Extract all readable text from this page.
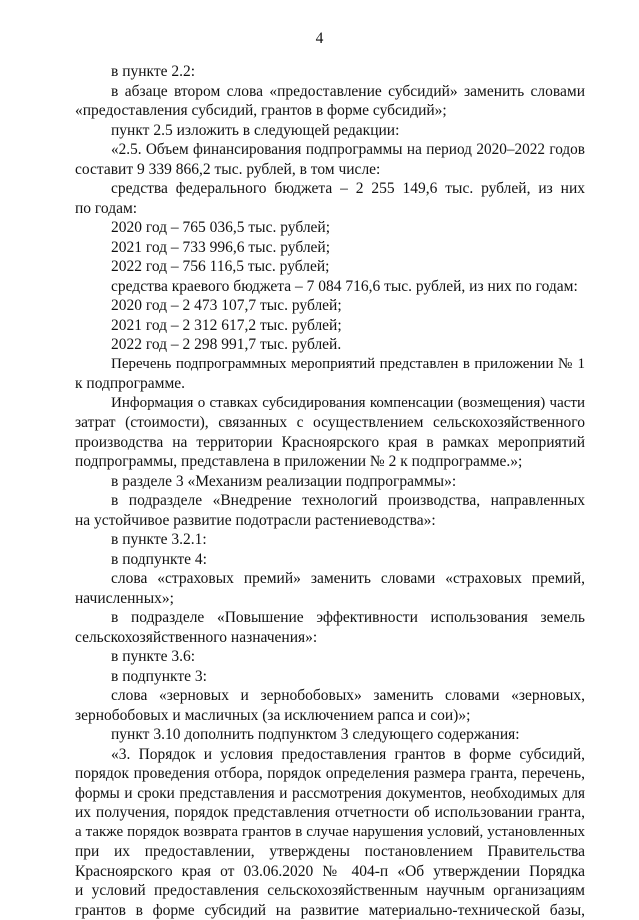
4
в пункте 2.2:
в абзаце втором слова «предоставление субсидий» заменить словами
«предоставления субсидий, грантов в форме субсидий»;
пункт 2.5 изложить в следующей редакции:
«2.5. Объем финансирования подпрограммы на период 2020–2022 годов
составит 9 339 866,2 тыс. рублей, в том числе:
средства федерального бюджета – 2 255 149,6 тыс. рублей, из них
по годам:
2020 год – 765 036,5 тыс. рублей;
2021 год – 733 996,6 тыс. рублей;
2022 год – 756 116,5 тыс. рублей;
средства краевого бюджета – 7 084 716,6 тыс. рублей, из них по годам:
2020 год – 2 473 107,7 тыс. рублей;
2021 год – 2 312 617,2 тыс. рублей;
2022 год – 2 298 991,7 тыс. рублей.
Перечень подпрограммных мероприятий представлен в приложении № 1
к подпрограмме.
Информация о ставках субсидирования компенсации (возмещения) части
затрат (стоимости), связанных с осуществлением сельскохозяйственного
производства на территории Красноярского края в рамках мероприятий
подпрограммы, представлена в приложении № 2 к подпрограмме.»;
в разделе 3 «Механизм реализации подпрограммы»:
в подразделе «Внедрение технологий производства, направленных
на устойчивое развитие подотрасли растениеводства»:
в пункте 3.2.1:
в подпункте 4:
слова «страховых премий» заменить словами «страховых премий,
начисленных»;
в подразделе «Повышение эффективности использования земель
сельскохозяйственного назначения»:
в пункте 3.6:
в подпункте 3:
слова «зерновых и зернобобовых» заменить словами «зерновых,
зернобобовых и масличных (за исключением рапса и сои)»;
пункт 3.10 дополнить подпунктом 3 следующего содержания:
«3. Порядок и условия предоставления грантов в форме субсидий,
порядок проведения отбора, порядок определения размера гранта, перечень,
формы и сроки представления и рассмотрения документов, необходимых для
их получения, порядок представления отчетности об использовании гранта,
а также порядок возврата грантов в случае нарушения условий, установленных
при их предоставлении, утверждены постановлением Правительства
Красноярского края от 03.06.2020 № 404-п «Об утверждении Порядка
и условий предоставления сельскохозяйственным научным организациям
грантов в форме субсидий на развитие материально-технической базы,
